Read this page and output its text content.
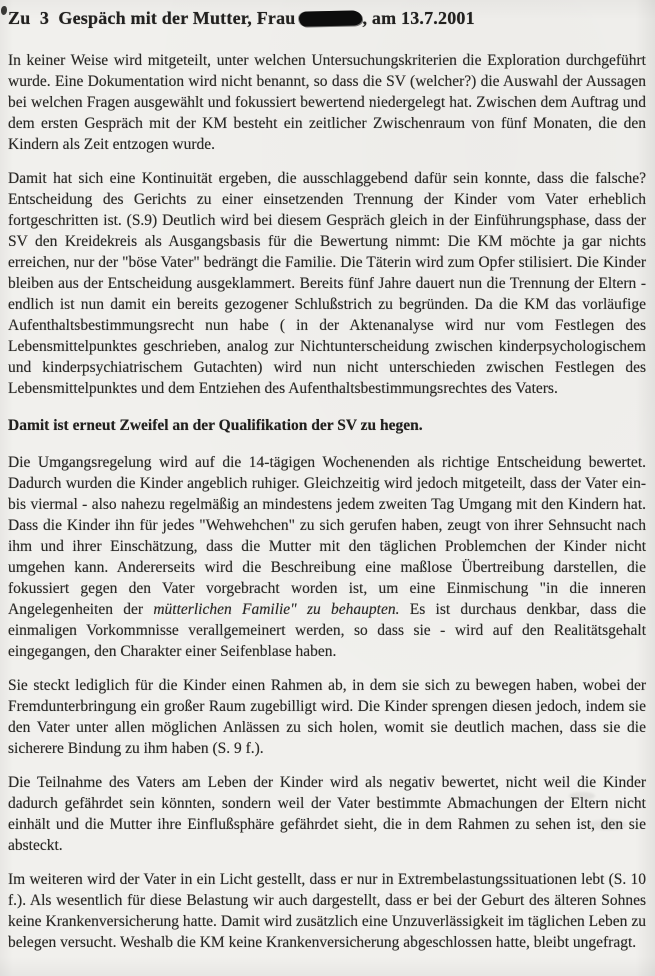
Zu  3  Gespäch mit der Mutter, Frau	, am 13.7.2001

In keiner Weise wird mitgeteilt, unter welchen Untersuchungskriterien die Exploration durchgeführt wurde. Eine Dokumentation wird nicht benannt, so dass die SV (welcher?) die Auswahl der Aussagen bei welchen Fragen ausgewählt und fokussiert bewertend niedergelegt hat. Zwischen dem Auftrag und dem ersten Gespräch mit der KM besteht ein zeitlicher Zwischenraum von fünf Monaten, die den Kindern als Zeit entzogen wurde.

Damit hat sich eine Kontinuität ergeben, die ausschlaggebend dafür sein konnte, dass die falsche? Entscheidung des Gerichts zu einer einsetzenden Trennung der Kinder vom Vater erheblich fortgeschritten ist. (S.9) Deutlich wird bei diesem Gespräch gleich in der Einführungsphase, dass der SV den Kreidekreis als Ausgangsbasis für die Bewertung nimmt: Die KM möchte ja gar nichts erreichen, nur der "böse Vater" bedrängt die Familie. Die Täterin wird zum Opfer stilisiert. Die Kinder bleiben aus der Entscheidung ausgeklammert. Bereits fünf Jahre dauert nun die Trennung der Eltern - endlich ist nun damit ein bereits gezogener Schlußstrich zu begründen. Da die KM das vorläufige Aufenthaltsbestimmungsrecht nun habe ( in der Aktenanalyse wird nur vom Festlegen des Lebensmittelpunktes geschrieben, analog zur Nichtunterscheidung zwischen kinderpsychologischem und kinderpsychiatrischem Gutachten) wird nun nicht unterschieden zwischen Festlegen des Lebensmittelpunktes und dem Entziehen des Aufenthaltsbestimmungsrechtes des Vaters.

Damit ist erneut Zweifel an der Qualifikation der SV zu hegen.

Die Umgangsregelung wird auf die 14-tägigen Wochenenden als richtige Entscheidung bewertet. Dadurch wurden die Kinder angeblich ruhiger. Gleichzeitig wird jedoch mitgeteilt, dass der Vater ein- bis viermal - also nahezu regelmäßig an mindestens jedem zweiten Tag Umgang mit den Kindern hat. Dass die Kinder ihn für jedes "Wehwehchen" zu sich gerufen haben, zeugt von ihrer Sehnsucht nach ihm und ihrer Einschätzung, dass die Mutter mit den täglichen Problemchen der Kinder nicht umgehen kann. Andererseits wird die Beschreibung eine maßlose Übertreibung darstellen, die fokussiert gegen den Vater vorgebracht worden ist, um eine Einmischung "in die inneren Angelegenheiten der mütterlichen Familie" zu behaupten. Es ist durchaus denkbar, dass die einmaligen Vorkommnisse verallgemeinert werden, so dass sie - wird auf den Realitätsgehalt eingegangen, den Charakter einer Seifenblase haben.

Sie steckt lediglich für die Kinder einen Rahmen ab, in dem sie sich zu bewegen haben, wobei der Fremdunterbringung ein großer Raum zugebilligt wird. Die Kinder sprengen diesen jedoch, indem sie den Vater unter allen möglichen Anlässen zu sich holen, womit sie deutlich machen, dass sie die sicherere Bindung zu ihm haben (S. 9 f.).

Die Teilnahme des Vaters am Leben der Kinder wird als negativ bewertet, nicht weil die Kinder dadurch gefährdet sein könnten, sondern weil der Vater bestimmte Abmachungen der Eltern nicht einhält und die Mutter ihre Einflußsphäre gefährdet sieht, die in dem Rahmen zu sehen ist, den sie absteckt.

Im weiteren wird der Vater in ein Licht gestellt, dass er nur in Extrembelastungssituationen lebt (S. 10 f.). Als wesentlich für diese Belastung wir auch dargestellt, dass er bei der Geburt des älteren Sohnes keine Krankenversicherung hatte. Damit wird zusätzlich eine Unzuverlässigkeit im täglichen Leben zu belegen versucht. Weshalb die KM keine Krankenversicherung abgeschlossen hatte, bleibt ungefragt.
